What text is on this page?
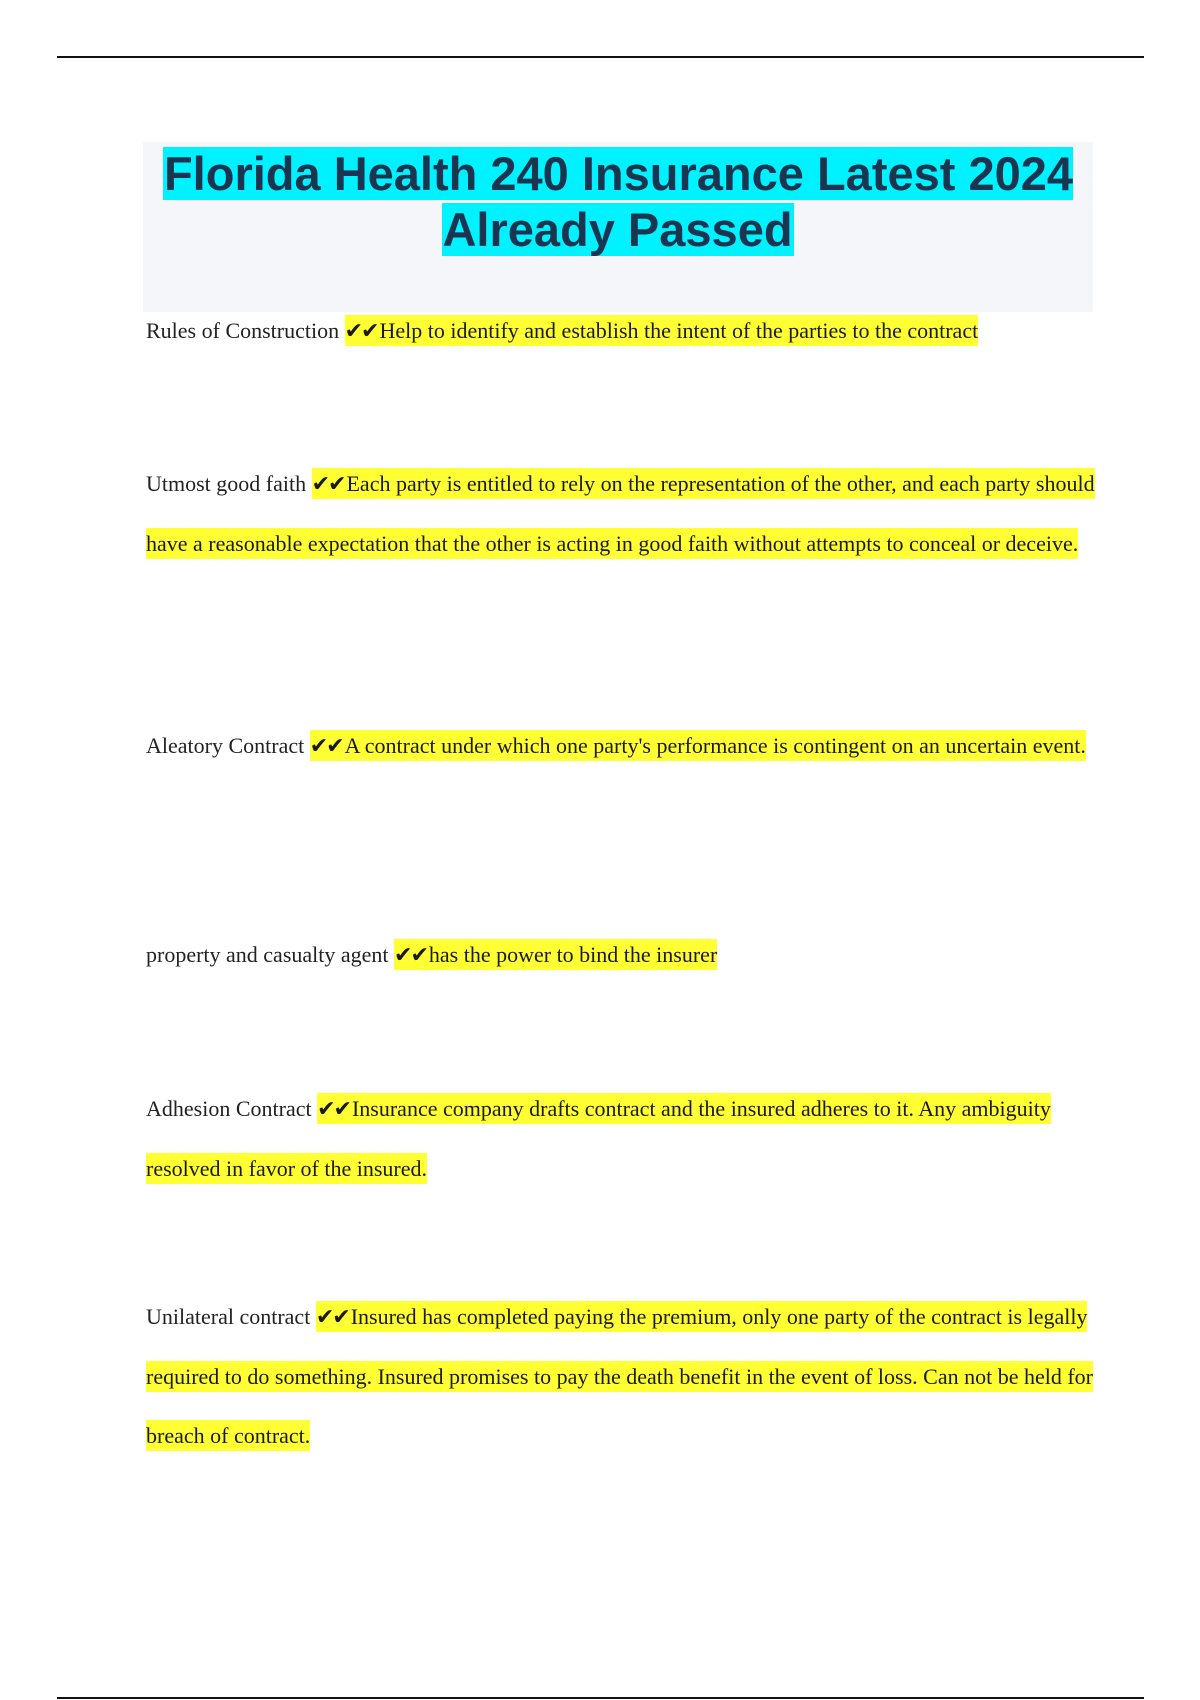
Florida Health 240 Insurance Latest 2024 Already Passed
Rules of Construction ✔✔Help to identify and establish the intent of the parties to the contract
Utmost good faith ✔✔Each party is entitled to rely on the representation of the other, and each party should have a reasonable expectation that the other is acting in good faith without attempts to conceal or deceive.
Aleatory Contract ✔✔A contract under which one party's performance is contingent on an uncertain event.
property and casualty agent ✔✔has the power to bind the insurer
Adhesion Contract ✔✔Insurance company drafts contract and the insured adheres to it. Any ambiguity resolved in favor of the insured.
Unilateral contract ✔✔Insured has completed paying the premium, only one party of the contract is legally required to do something. Insured promises to pay the death benefit in the event of loss. Can not be held for breach of contract.
